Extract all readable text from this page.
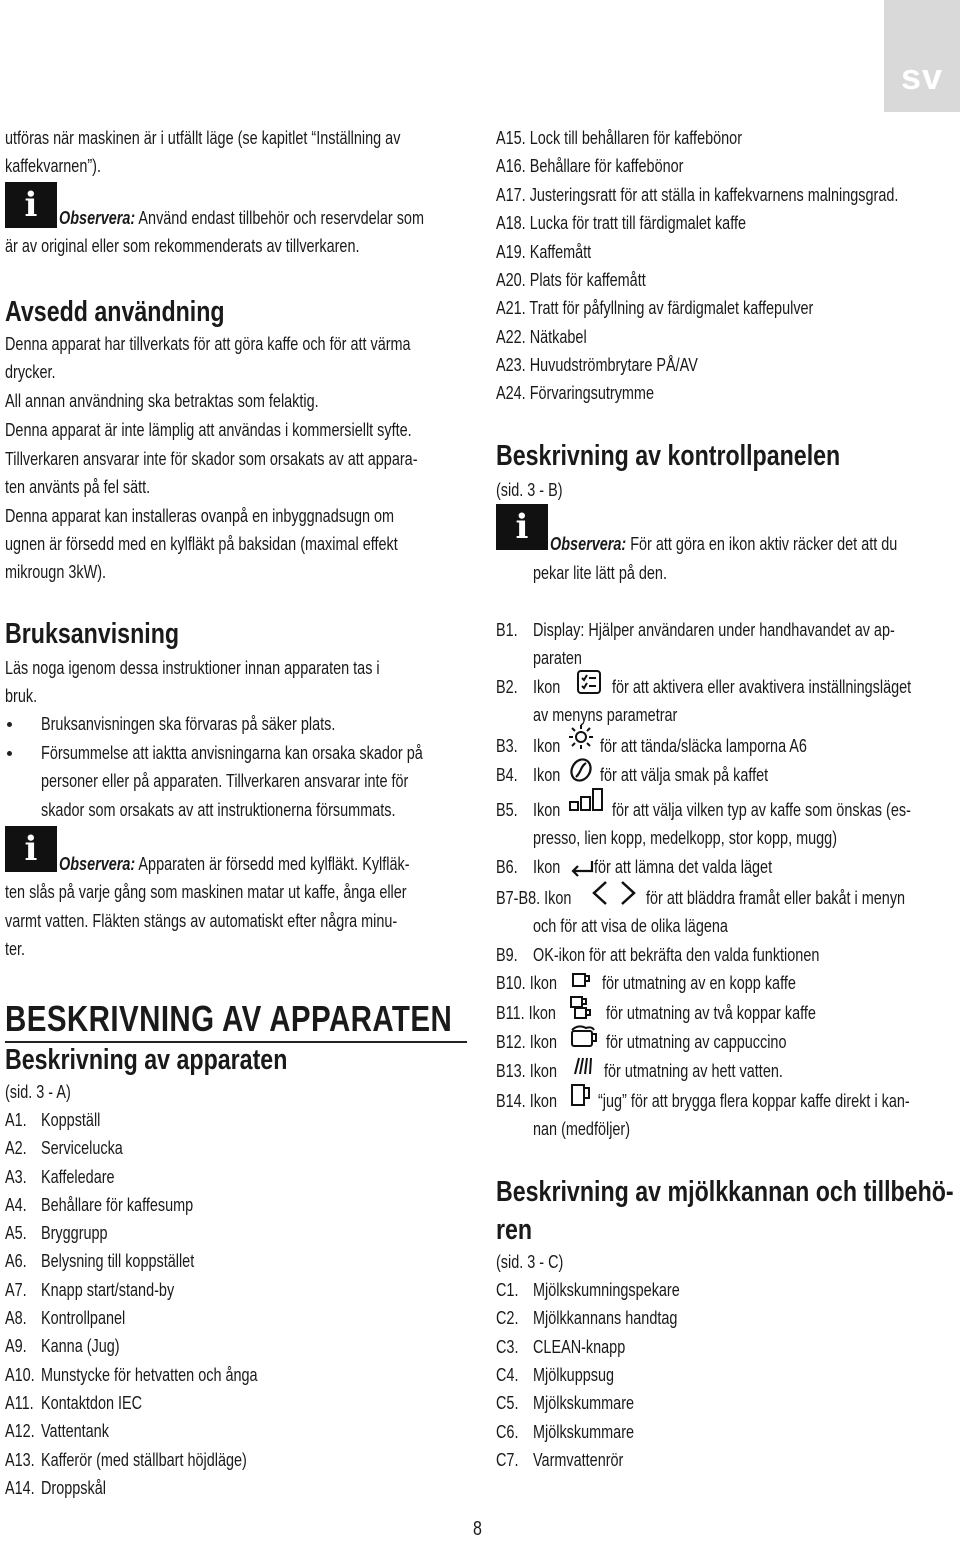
sv
utföras när maskinen är i utfällt läge (se kapitlet “Inställning av
kaffekvarnen”).
i	Observera: Använd endast tillbehör och reservdelar som
är av original eller som rekommenderats av tillverkaren.
Avsedd användning
Denna apparat har tillverkats för att göra kaffe och för att värma
drycker.
All annan användning ska betraktas som felaktig.
Denna apparat är inte lämplig att användas i kommersiellt syfte.
Tillverkaren ansvarar inte för skador som orsakats av att appara-
ten använts på fel sätt.
Denna apparat kan installeras ovanpå en inbyggnadsugn om
ugnen är försedd med en kylfläkt på baksidan (maximal effekt
mikrougn 3kW).
Bruksanvisning
Läs noga igenom dessa instruktioner innan apparaten tas i
bruk.
Bruksanvisningen ska förvaras på säker plats.
Försummelse att iaktta anvisningarna kan orsaka skador på
personer eller på apparaten. Tillverkaren ansvarar inte för
skador som orsakats av att instruktionerna försummats.
i	Observera: Apparaten är försedd med kylfläkt. Kylfläk-
ten slås på varje gång som maskinen matar ut kaffe, ånga eller
varmt vatten. Fläkten stängs av automatiskt efter några minu-
ter.
BESKRIVNING AV APPARATEN
Beskrivning av apparaten
(sid. 3 - A)
A1. Koppställ
A2. Servicelucka
A3. Kaffeledare
A4. Behållare för kaffesump
A5. Bryggrupp
A6. Belysning till koppstället
A7. Knapp start/stand-by
A8. Kontrollpanel
A9. Kanna (Jug)
A10. Munstycke för hetvatten och ånga
A11. Kontaktdon IEC
A12. Vattentank
A13. Kafferör (med ställbart höjdläge)
A14. Droppskål
A15. Lock till behållaren för kaffebönor
A16. Behållare för kaffebönor
A17. Justeringsratt för att ställa in kaffekvarnens malningsgrad.
A18. Lucka för tratt till färdigmalet kaffe
A19. Kaffemått
A20. Plats för kaffemått
A21. Tratt för påfyllning av färdigmalet kaffepulver
A22. Nätkabel
A23. Huvudströmbrytare PÅ/AV
A24. Förvaringsutrymme
Beskrivning av kontrollpanelen
(sid. 3 - B)
i	Observera: För att göra en ikon aktiv räcker det att du
pekar lite lätt på den.
B1. Display: Hjälper användaren under handhavandet av ap-
paraten
B2. Ikon	för att aktivera eller avaktivera inställningsläget
av menyns parametrar
B3. Ikon för att tända/släcka lamporna A6
B4. Ikon för att välja smak på kaffet
B5. Ikon	för att välja vilken typ av kaffe som önskas (es-
presso, lien kopp, medelkopp, stor kopp, mugg)
B6. Ikon för att lämna det valda läget
B7-B8. Ikon	för att bläddra framåt eller bakåt i menyn
och för att visa de olika lägena
B9. OK-ikon för att bekräfta den valda funktionen
B10. Ikon för utmatning av en kopp kaffe
B11. Ikon	för utmatning av två koppar kaffe
B12. Ikon	för utmatning av cappuccino
B13. Ikon	för utmatning av hett vatten.
B14. Ikon “jug” för att brygga flera koppar kaffe direkt i kan-
nan (medföljer)
Beskrivning av mjölkkannan och tillbehö-
ren
(sid. 3 - C)
C1. Mjölkskumningspekare
C2. Mjölkkannans handtag
C3. CLEAN-knapp
C4. Mjölkuppsug
C5. Mjölkskummare
C6. Mjölkskummare
C7. Varmvattenrör
8
